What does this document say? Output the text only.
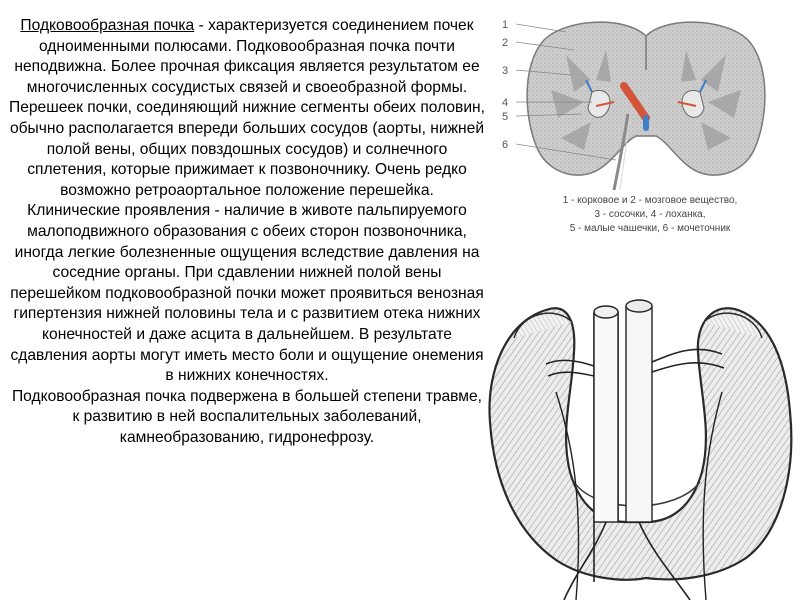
Подковообразная почка - характеризуется соединением почек одноименными полюсами. Подковообразная почка почти неподвижна. Более прочная фиксация является результатом ее многочисленных сосудистых связей и своеобразной формы. Перешеек почки, соединяющий нижние сегменты обеих половин, обычно располагается впереди больших сосудов (аорты, нижней полой вены, общих повздошных сосудов) и солнечного сплетения, которые прижимает к позвоночнику. Очень редко возможно ретроаортальное положение перешейка.

Клинические проявления - наличие в животе пальпируемого малоподвижного образования с обеих сторон позвоночника, иногда легкие болезненные ощущения вследствие давления на соседние органы. При сдавлении нижней полой вены перешейком подковообразной почки может проявиться венозная гипертензия нижней половины тела и с развитием отека нижних конечностей и даже асцита в дальнейшем. В результате сдавления аорты могут иметь место боли и ощущение онемения в нижних конечностях.

Подковообразная почка подвержена в большей степени травме, к развитию в ней воспалительных заболеваний, камнеобразованию, гидронефрозу.

1
2
3
4
5
6
1 - корковое и 2 - мозговое вещество,
3 - сосочки, 4 - лоханка,
5 - малые чашечки, 6 - мочеточник
